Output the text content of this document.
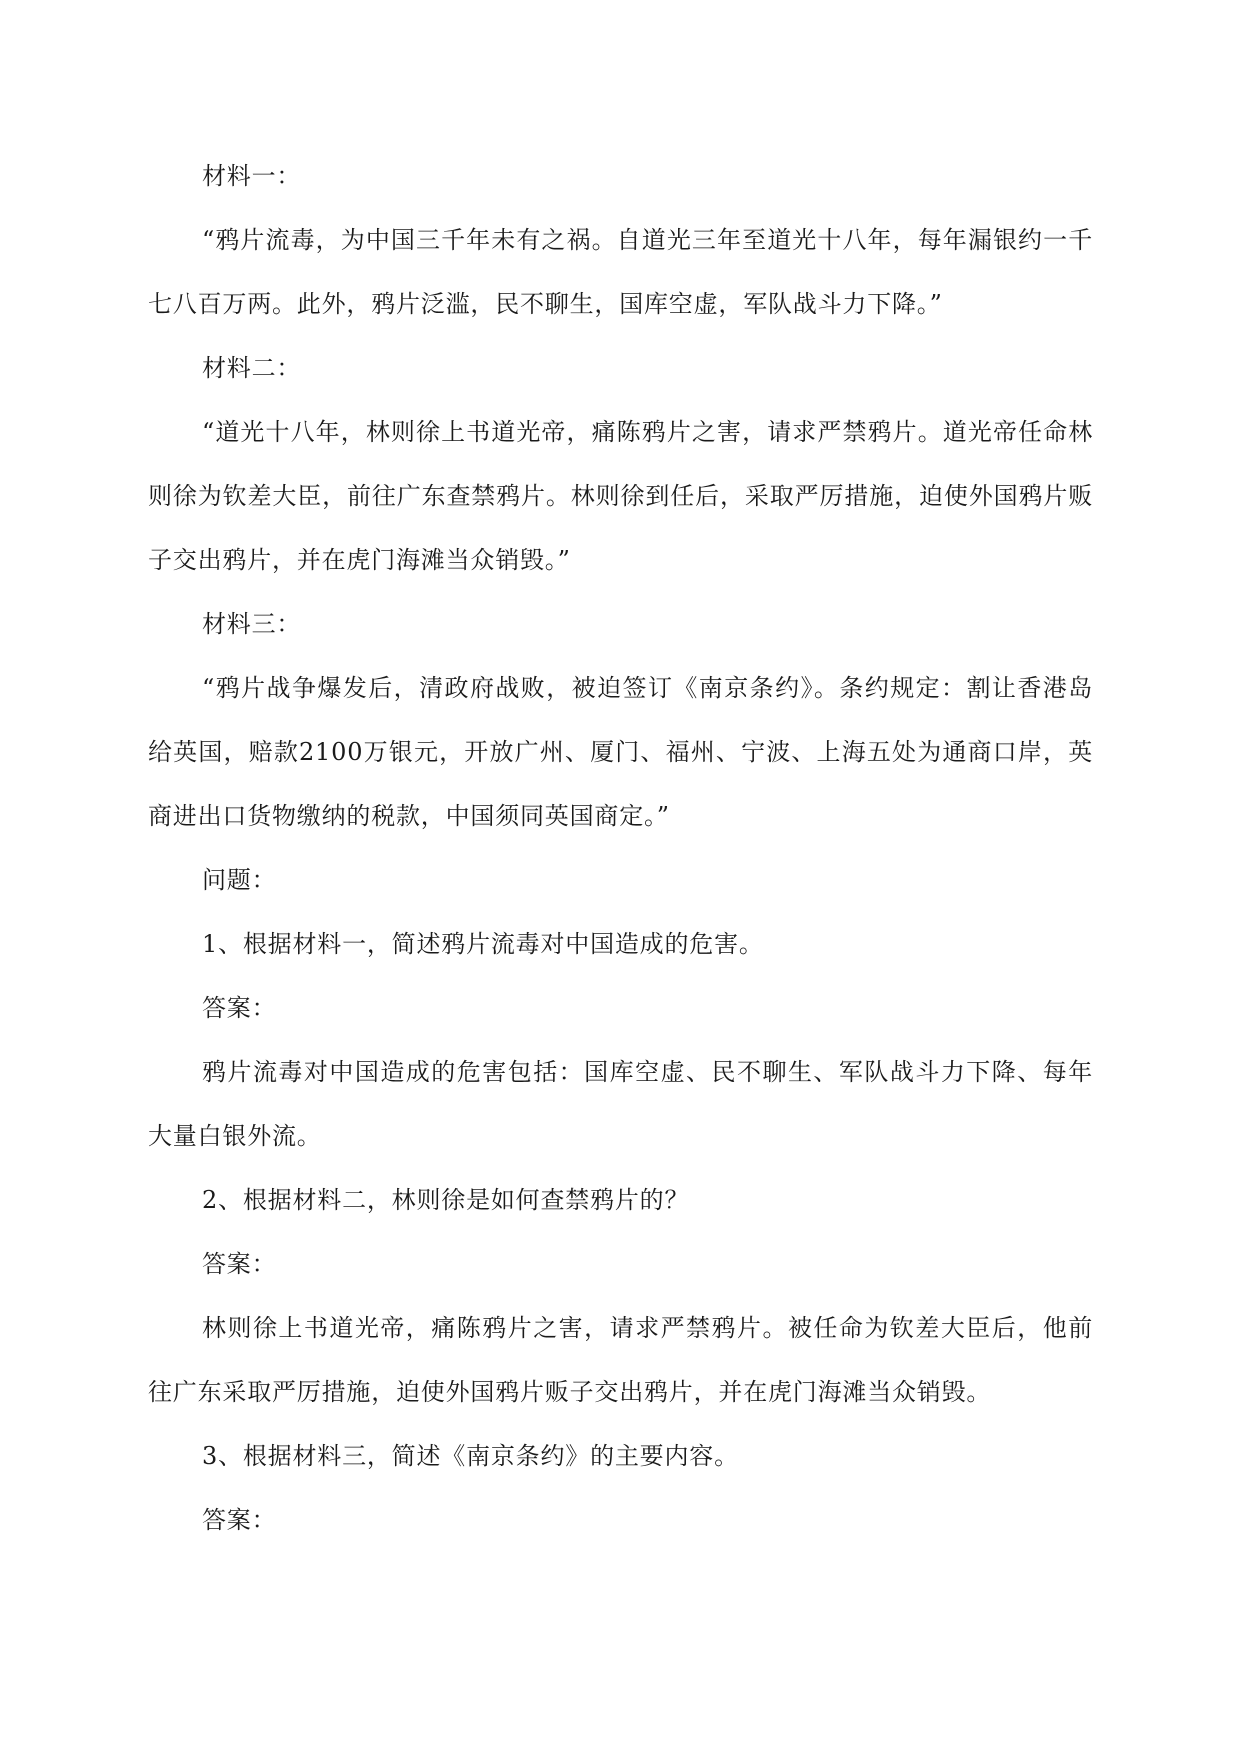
材料一：

“鸦片流毒，为中国三千年未有之祸。自道光三年至道光十八年，每年漏银约一千七八百万两。此外，鸦片泛滥，民不聊生，国库空虚，军队战斗力下降。”

材料二：

“道光十八年，林则徐上书道光帝，痛陈鸦片之害，请求严禁鸦片。道光帝任命林则徐为钦差大臣，前往广东查禁鸦片。林则徐到任后，采取严厉措施，迫使外国鸦片贩子交出鸦片，并在虎门海滩当众销毁。”

材料三：

“鸦片战争爆发后，清政府战败，被迫签订《南京条约》。条约规定：割让香港岛给英国，赔款2100万银元，开放广州、厦门、福州、宁波、上海五处为通商口岸，英商进出口货物缴纳的税款，中国须同英国商定。”

问题：

1、根据材料一，简述鸦片流毒对中国造成的危害。

答案：

鸦片流毒对中国造成的危害包括：国库空虚、民不聊生、军队战斗力下降、每年大量白银外流。

2、根据材料二，林则徐是如何查禁鸦片的？

答案：

林则徐上书道光帝，痛陈鸦片之害，请求严禁鸦片。被任命为钦差大臣后，他前往广东采取严厉措施，迫使外国鸦片贩子交出鸦片，并在虎门海滩当众销毁。

3、根据材料三，简述《南京条约》的主要内容。

答案：
